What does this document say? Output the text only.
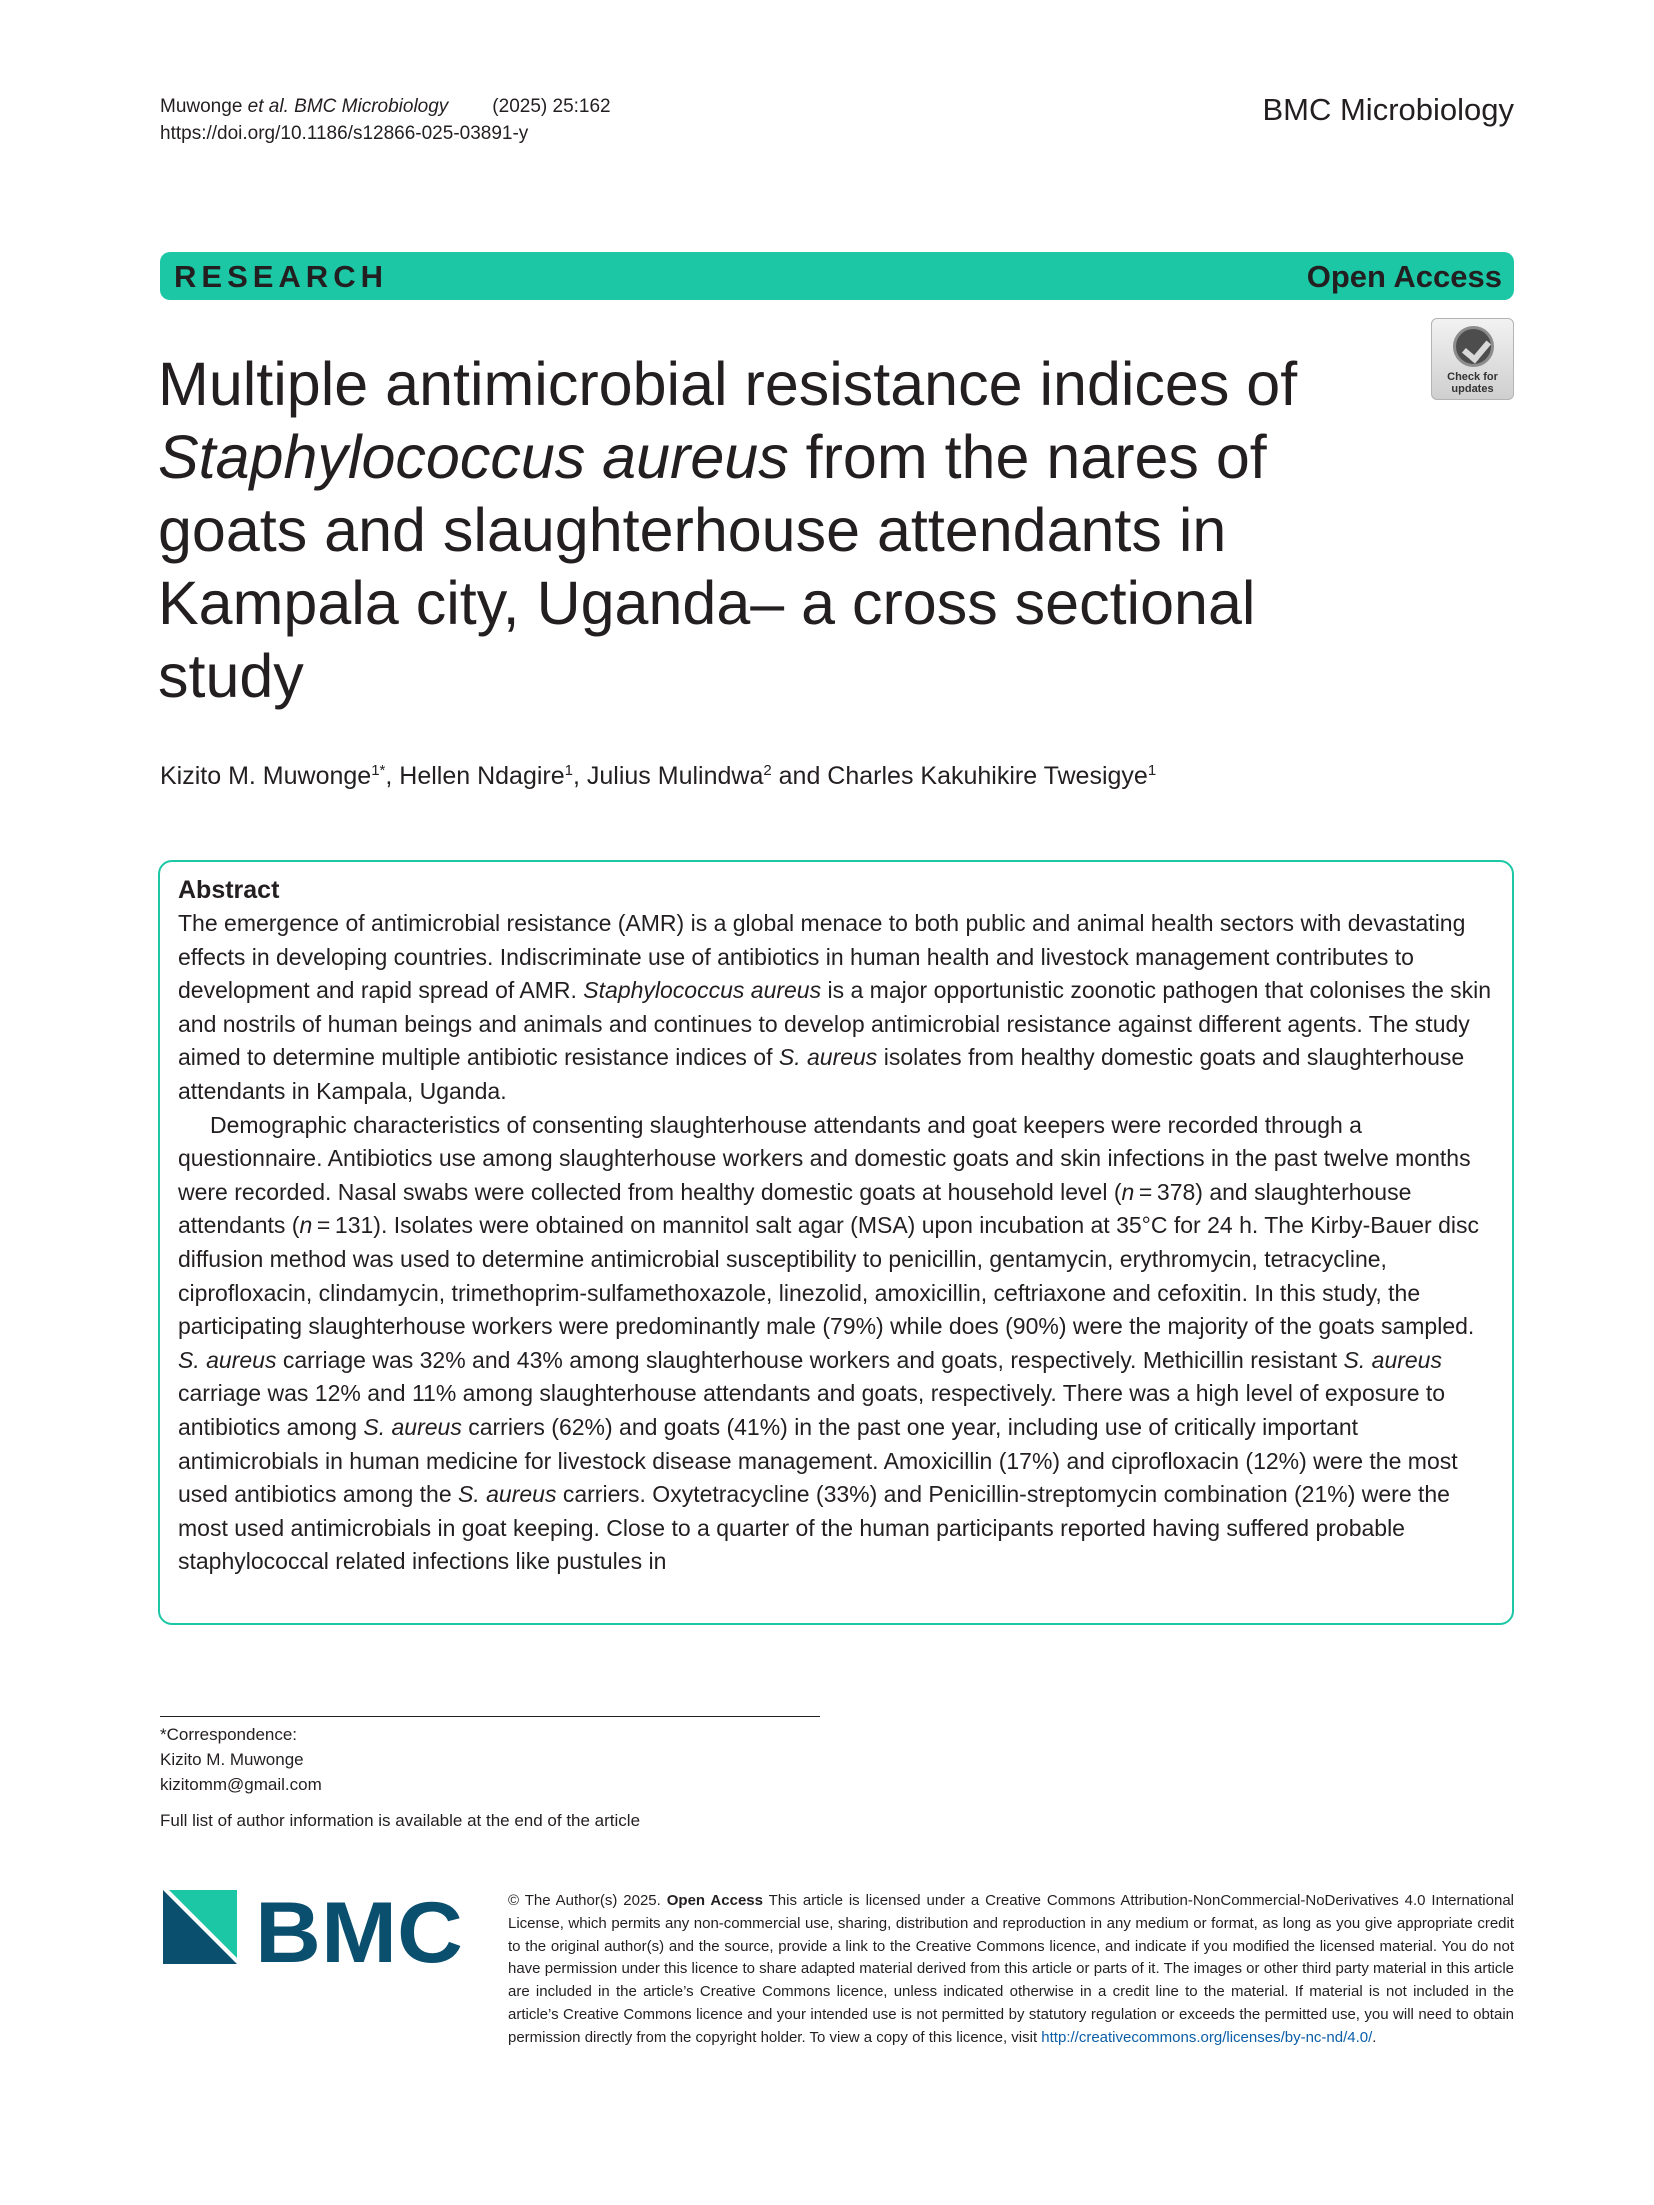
Muwonge et al. BMC Microbiology (2025) 25:162
https://doi.org/10.1186/s12866-025-03891-y
BMC Microbiology
RESEARCH	Open Access
Check for
updates
Multiple antimicrobial resistance indices of Staphylococcus aureus from the nares of goats and slaughterhouse attendants in Kampala city, Uganda– a cross sectional study
Kizito M. Muwonge$^{1*}$, Hellen Ndagire$^1$, Julius Mulindwa$^2$ and Charles Kakuhikire Twesigye$^1$
Abstract

The emergence of antimicrobial resistance (AMR) is a global menace to both public and animal health sectors with devastating effects in developing countries. Indiscriminate use of antibiotics in human health and livestock management contributes to development and rapid spread of AMR. Staphylococcus aureus is a major opportunistic zoonotic pathogen that colonises the skin and nostrils of human beings and animals and continues to develop antimicrobial resistance against different agents. The study aimed to determine multiple antibiotic resistance indices of S. aureus isolates from healthy domestic goats and slaughterhouse attendants in Kampala, Uganda.

Demographic characteristics of consenting slaughterhouse attendants and goat keepers were recorded through a questionnaire. Antibiotics use among slaughterhouse workers and domestic goats and skin infections in the past twelve months were recorded. Nasal swabs were collected from healthy domestic goats at household level (n = 378) and slaughterhouse attendants (n = 131). Isolates were obtained on mannitol salt agar (MSA) upon incubation at 35°C for 24 h. The Kirby-Bauer disc diffusion method was used to determine antimicrobial susceptibility to penicillin, gentamycin, erythromycin, tetracycline, ciprofloxacin, clindamycin, trimethoprim-sulfamethoxazole, linezolid, amoxicillin, ceftriaxone and cefoxitin. In this study, the participating slaughterhouse workers were predominantly male (79%) while does (90%) were the majority of the goats sampled. S. aureus carriage was 32% and 43% among slaughterhouse workers and goats, respectively. Methicillin resistant S. aureus carriage was 12% and 11% among slaughterhouse attendants and goats, respectively. There was a high level of exposure to antibiotics among S. aureus carriers (62%) and goats (41%) in the past one year, including use of critically important antimicrobials in human medicine for livestock disease management. Amoxicillin (17%) and ciprofloxacin (12%) were the most used antibiotics among the S. aureus carriers. Oxytetracycline (33%) and Penicillin-streptomycin combination (21%) were the most used antimicrobials in goat keeping. Close to a quarter of the human participants reported having suffered probable staphylococcal related infections like pustules in

*Correspondence:
Kizito M. Muwonge
kizitomm@gmail.com
Full list of author information is available at the end of the article
BMC	© The Author(s) 2025. Open Access This article is licensed under a Creative Commons Attribution-NonCommercial-NoDerivatives 4.0 International License, which permits any non-commercial use, sharing, distribution and reproduction in any medium or format, as long as you give appropriate credit to the original author(s) and the source, provide a link to the Creative Commons licence, and indicate if you modified the licensed material. You do not have permission under this licence to share adapted material derived from this article or parts of it. The images or other third party material in this article are included in the article’s Creative Commons licence, unless indicated otherwise in a credit line to the material. If material is not included in the article’s Creative Commons licence and your intended use is not permitted by statutory regulation or exceeds the permitted use, you will need to obtain permission directly from the copyright holder. To view a copy of this licence, visit http://creativecommons.org/licenses/by-nc-nd/4.0/.
